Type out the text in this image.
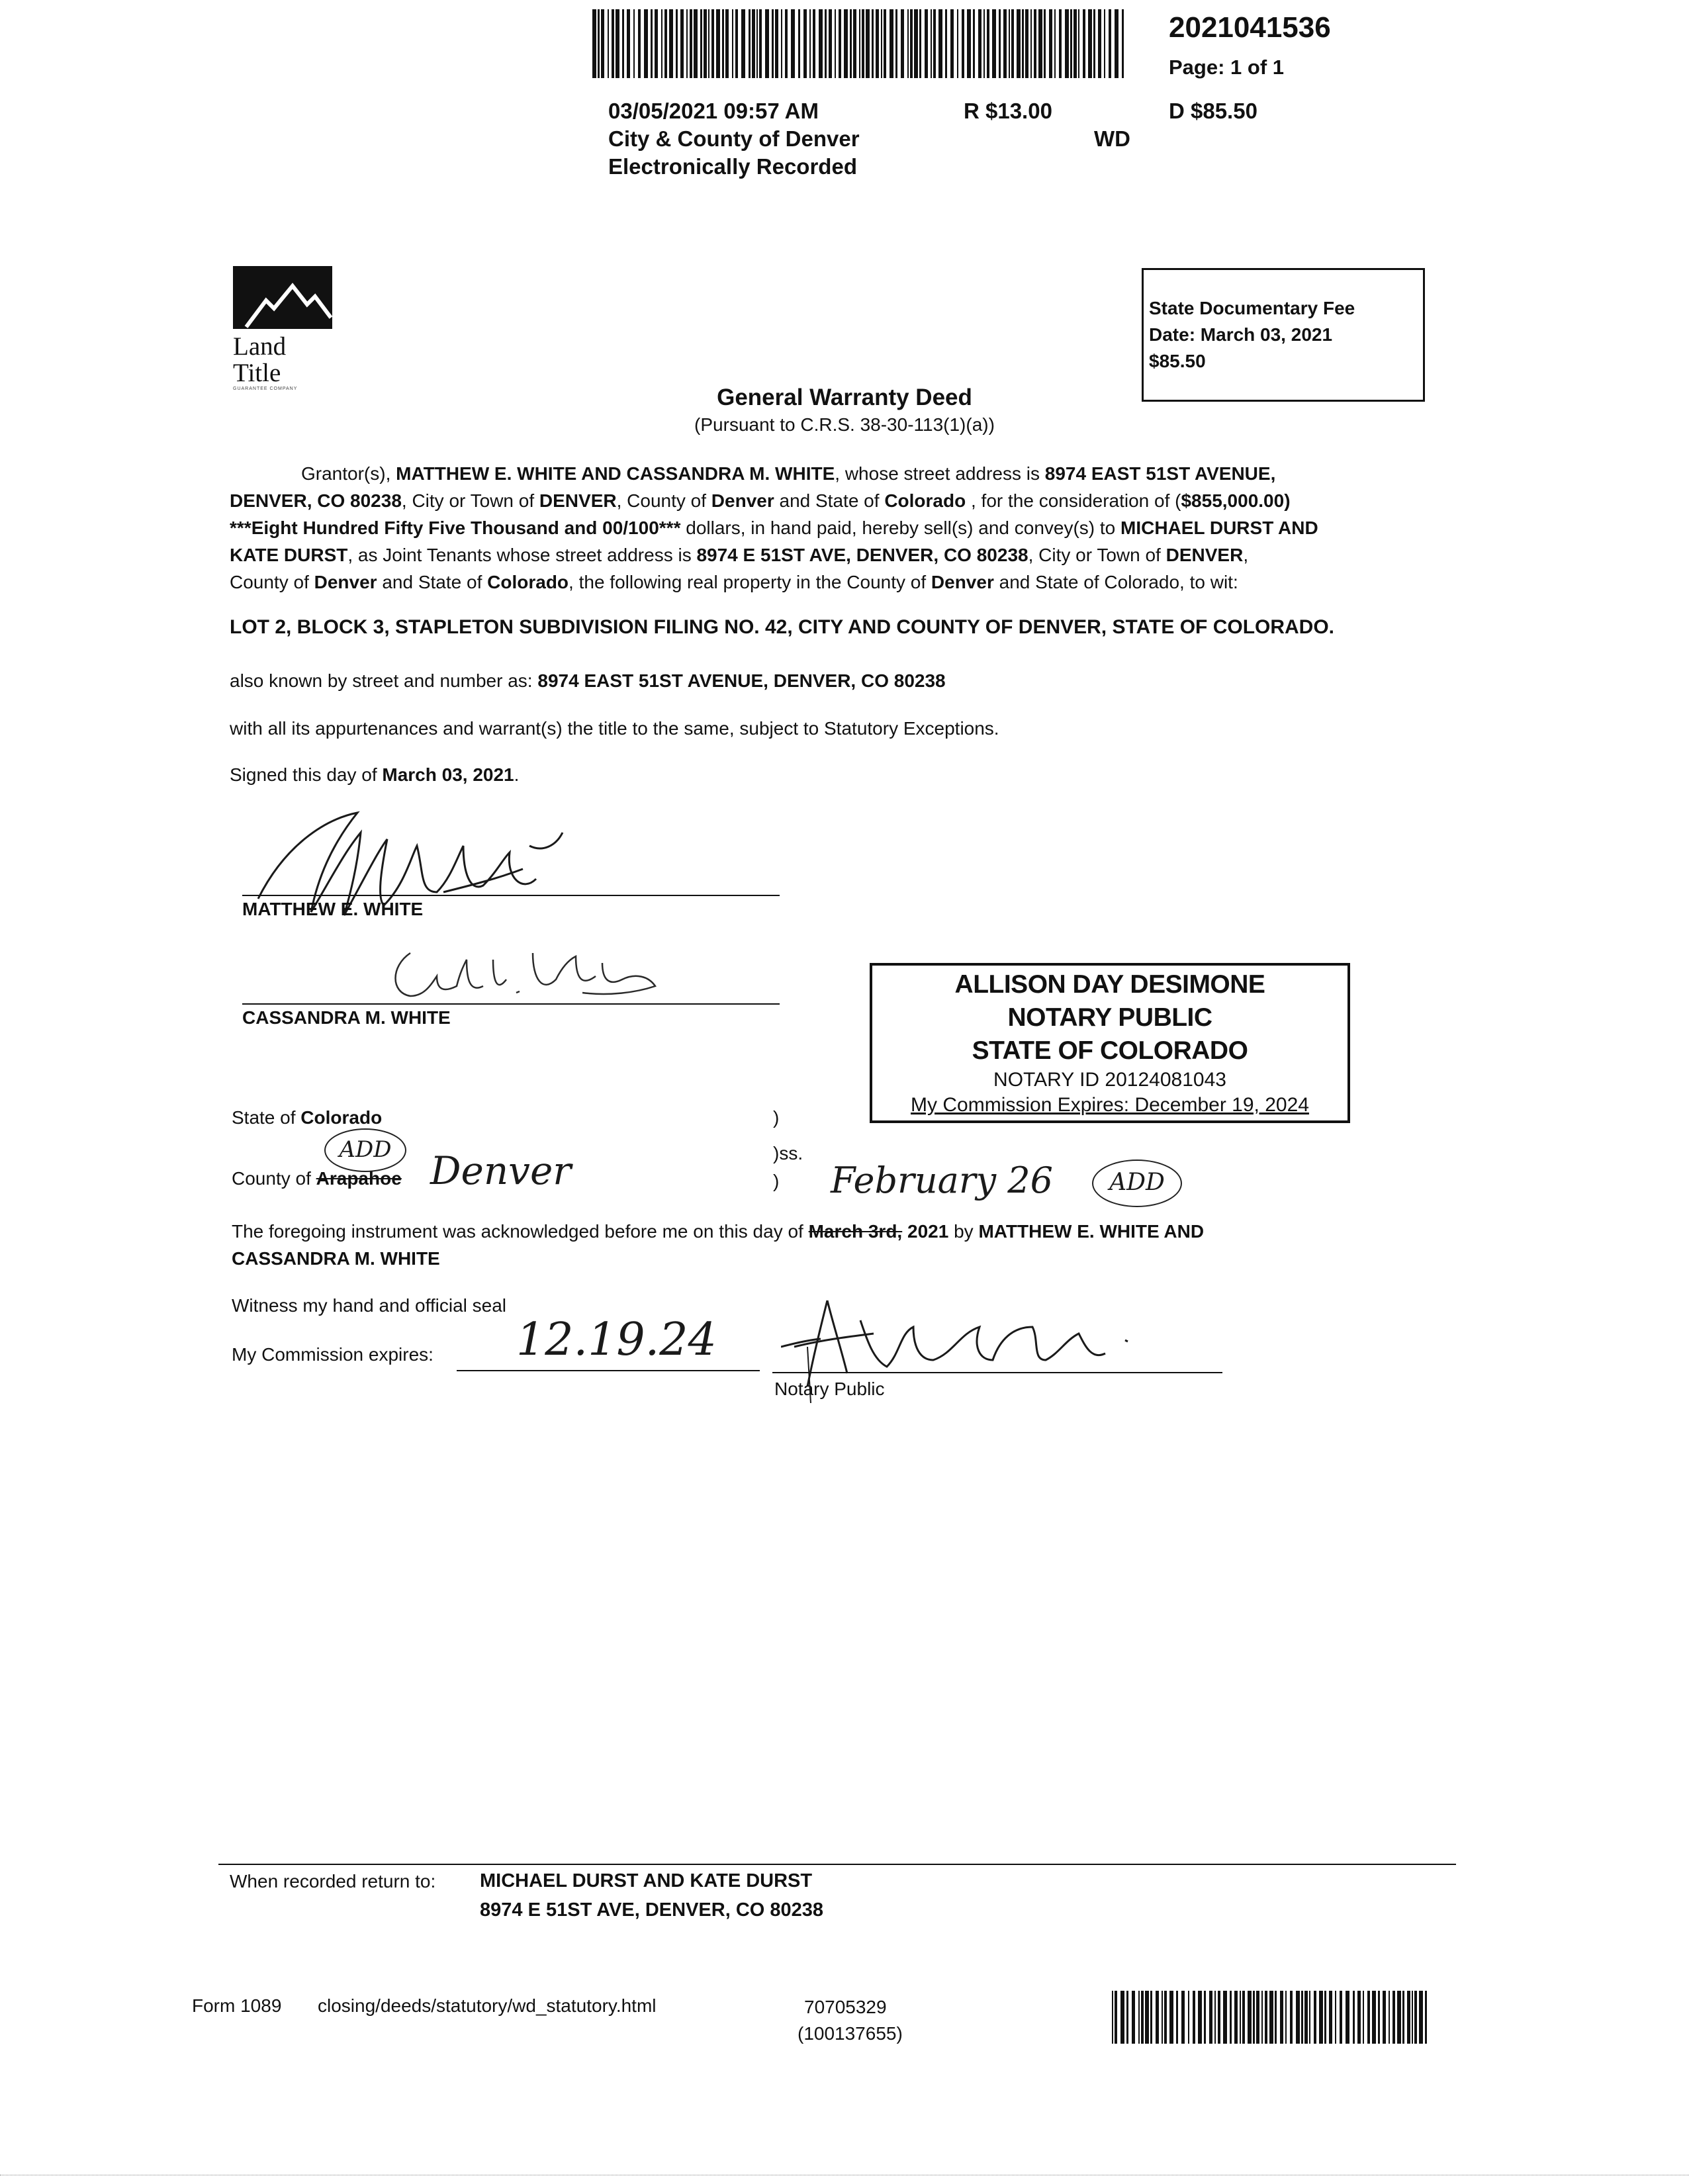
2021041536
Page: 1 of 1
03/05/2021 09:57 AM	R $13.00	D $85.50
City & County of Denver	WD
Electronically Recorded
Land Title
GUARANTEE COMPANY
State Documentary Fee
Date: March 03, 2021
$85.50
General Warranty Deed
(Pursuant to C.R.S. 38-30-113(1)(a))
Grantor(s), MATTHEW E. WHITE AND CASSANDRA M. WHITE, whose street address is 8974 EAST 51ST AVENUE,
DENVER, CO 80238, City or Town of DENVER, County of Denver and State of Colorado , for the consideration of ($855,000.00)
***Eight Hundred Fifty Five Thousand and 00/100*** dollars, in hand paid, hereby sell(s) and convey(s) to MICHAEL DURST AND
KATE DURST, as Joint Tenants whose street address is 8974 E 51ST AVE, DENVER, CO 80238, City or Town of DENVER,
County of Denver and State of Colorado, the following real property in the County of Denver and State of Colorado, to wit:
LOT 2, BLOCK 3, STAPLETON SUBDIVISION FILING NO. 42, CITY AND COUNTY OF DENVER, STATE OF COLORADO.
also known by street and number as: 8974 EAST 51ST AVENUE, DENVER, CO 80238
with all its appurtenances and warrant(s) the title to the same, subject to Statutory Exceptions.
Signed this day of March 03, 2021.
MATTHEW E. WHITE
CASSANDRA M. WHITE
ALLISON DAY DESIMONE
NOTARY PUBLIC
STATE OF COLORADO
NOTARY ID 20124081043
My Commission Expires: December 19, 2024
State of Colorado	)
)ss.
)
ADD
County of Arapahoe Denver	February 26	ADD
The foregoing instrument was acknowledged before me on this day of March 3rd, 2021 by MATTHEW E. WHITE AND
CASSANDRA M. WHITE
Witness my hand and official seal
My Commission expires: 12.19.24
Notary Public
When recorded return to: MICHAEL DURST AND KATE DURST
8974 E 51ST AVE, DENVER, CO 80238
Form 1089 closing/deeds/statutory/wd_statutory.html	70705329
(100137655)
